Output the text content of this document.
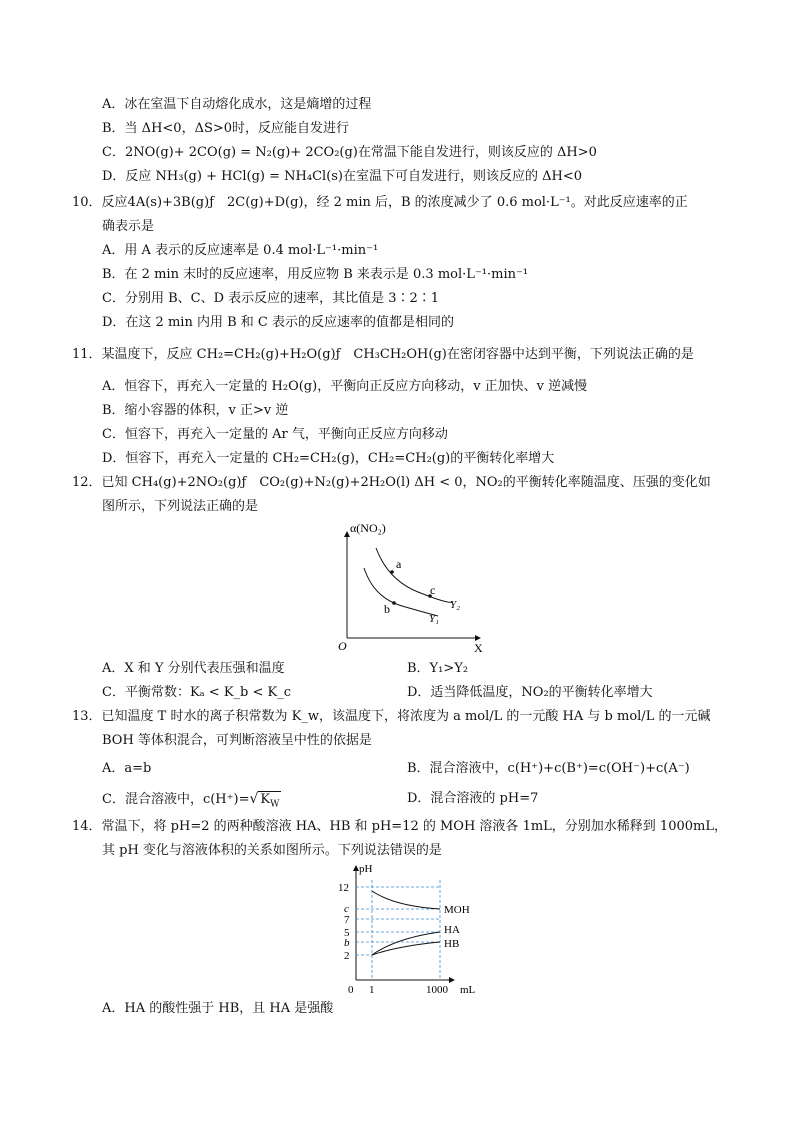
A．冰在室温下自动熔化成水，这是熵增的过程
B．当 ΔH<0，ΔS>0时，反应能自发进行
C．2NO(g)+ 2CO(g) = N₂(g)+ 2CO₂(g)在常温下能自发进行，则该反应的 ΔH>0
D．反应 NH₃(g) + HCl(g) = NH₄Cl(s)在室温下可自发进行，则该反应的 ΔH<0
10．反应4A(s)+3B(g)ƒ　2C(g)+D(g)，经 2 min 后，B 的浓度减少了 0.6 mol·L⁻¹。对此反应速率的正
确表示是
A．用 A 表示的反应速率是 0.4 mol·L⁻¹·min⁻¹
B．在 2 min 末时的反应速率，用反应物 B 来表示是 0.3 mol·L⁻¹·min⁻¹
C．分别用 B、C、D 表示反应的速率，其比值是 3∶2∶1
D．在这 2 min 内用 B 和 C 表示的反应速率的值都是相同的
11．某温度下，反应 CH₂=CH₂(g)+H₂O(g)ƒ　CH₃CH₂OH(g)在密闭容器中达到平衡，下列说法正确的是
A．恒容下，再充入一定量的 H₂O(g)，平衡向正反应方向移动，v 正加快、v 逆减慢
B．缩小容器的体积，v 正>v 逆
C．恒容下，再充入一定量的 Ar 气，平衡向正反应方向移动
D．恒容下，再充入一定量的 CH₂=CH₂(g)，CH₂=CH₂(g)的平衡转化率增大
12．已知 CH₄(g)+2NO₂(g)ƒ　CO₂(g)+N₂(g)+2H₂O(l) ΔH < 0，NO₂的平衡转化率随温度、压强的变化如
图所示，下列说法正确的是
α(NO₂)
X
O
a
b
c
Y₂
Y₁
A．X 和 Y 分别代表压强和温度	B．Y₁>Y₂
C．平衡常数：Kₐ < K_b < K_c	D．适当降低温度，NO₂的平衡转化率增大
13．已知温度 T 时水的离子积常数为 K_w，该温度下，将浓度为 a mol/L 的一元酸 HA 与 b mol/L 的一元碱
BOH 等体积混合，可判断溶液呈中性的依据是
A．a=b	B．混合溶液中，c(H⁺)+c(B⁺)=c(OH⁻)+c(A⁻)
C．混合溶液中，c(H⁺)=√ $K_W$	D．混合溶液的 pH=7
14．常温下，将 pH=2 的两种酸溶液 HA、HB 和 pH=12 的 MOH 溶液各 1mL，分别加水稀释到 1000mL，
其 pH 变化与溶液体积的关系如图所示。下列说法错误的是
pH
12
c
7
5
b
2
0 1	1000 mL
MOH
HA
HB
A．HA 的酸性强于 HB，且 HA 是强酸
